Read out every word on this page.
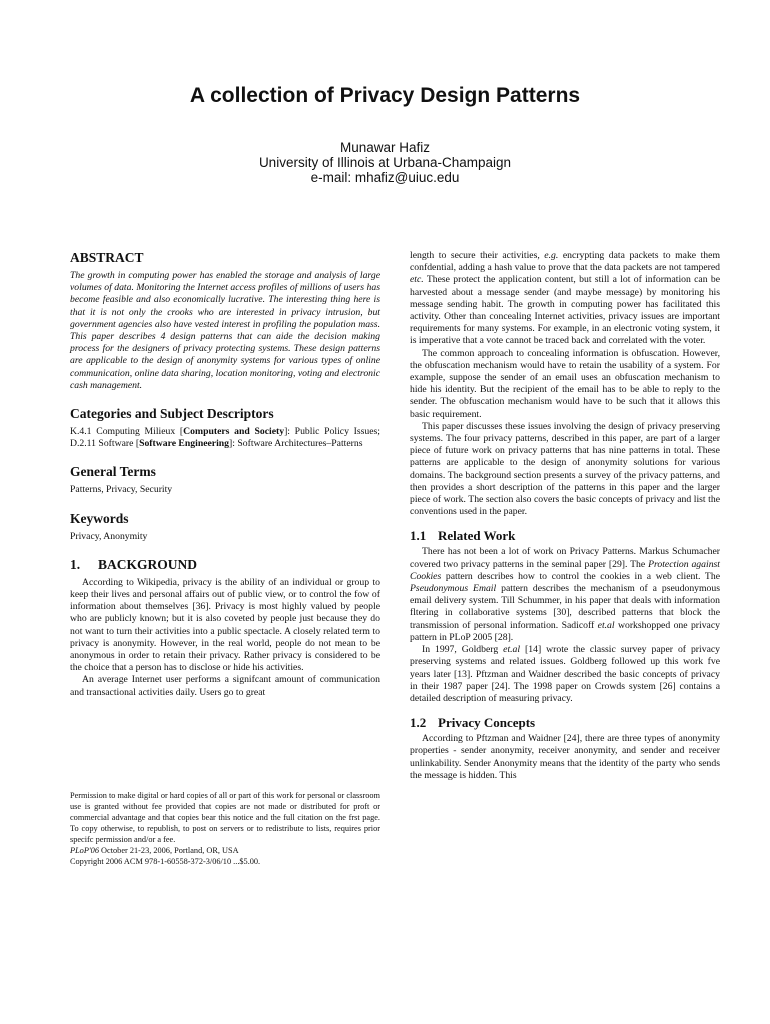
A collection of Privacy Design Patterns
Munawar Hafiz
University of Illinois at Urbana-Champaign
e-mail: mhafiz@uiuc.edu
ABSTRACT

The growth in computing power has enabled the storage and analysis of large volumes of data. Monitoring the Internet access profiles of millions of users has become feasible and also economically lucrative. The interesting thing here is that it is not only the crooks who are interested in privacy intrusion, but government agencies also have vested interest in profiling the population mass. This paper describes 4 design patterns that can aide the decision making process for the designers of privacy protecting systems. These design patterns are applicable to the design of anonymity systems for various types of online communication, online data sharing, location monitoring, voting and electronic cash management.

Categories and Subject Descriptors

K.4.1 Computing Milieux [Computers and Society]: Public Policy Issues; D.2.11 Software [Software Engineering]: Software Architectures–Patterns

General Terms

Patterns, Privacy, Security

Keywords

Privacy, Anonymity

1. BACKGROUND

According to Wikipedia, privacy is the ability of an individual or group to keep their lives and personal affairs out of public view, or to control the fow of information about themselves [36]. Privacy is most highly valued by people who are publicly known; but it is also coveted by people just because they do not want to turn their activities into a public spectacle. A closely related term to privacy is anonymity. However, in the real world, people do not mean to be anonymous in order to retain their privacy. Rather privacy is considered to be the choice that a person has to disclose or hide his activities.

An average Internet user performs a signifcant amount of communication and transactional activities daily. Users go to great

Permission to make digital or hard copies of all or part of this work for personal or classroom use is granted without fee provided that copies are not made or distributed for proft or commercial advantage and that copies bear this notice and the full citation on the frst page. To copy otherwise, to republish, to post on servers or to redistribute to lists, requires prior specifc permission and/or a fee.

PLoP'06 October 21-23, 2006, Portland, OR, USA

Copyright 2006 ACM 978-1-60558-372-3/06/10 ...$5.00.

length to secure their activities, e.g. encrypting data packets to make them confdential, adding a hash value to prove that the data packets are not tampered etc. These protect the application content, but still a lot of information can be harvested about a message sender (and maybe message) by monitoring his message sending habit. The growth in computing power has facilitated this activity. Other than concealing Internet activities, privacy issues are important requirements for many systems. For example, in an electronic voting system, it is imperative that a vote cannot be traced back and correlated with the voter.

The common approach to concealing information is obfuscation. However, the obfuscation mechanism would have to retain the usability of a system. For example, suppose the sender of an email uses an obfuscation mechanism to hide his identity. But the recipient of the email has to be able to reply to the sender. The obfuscation mechanism would have to be such that it allows this basic requirement.

This paper discusses these issues involving the design of privacy preserving systems. The four privacy patterns, described in this paper, are part of a larger piece of future work on privacy patterns that has nine patterns in total. These patterns are applicable to the design of anonymity solutions for various domains. The background section presents a survey of the privacy patterns, and then provides a short description of the patterns in this paper and the larger piece of work. The section also covers the basic concepts of privacy and list the conventions used in the paper.

1.1 Related Work

There has not been a lot of work on Privacy Patterns. Markus Schumacher covered two privacy patterns in the seminal paper [29]. The Protection against Cookies pattern describes how to control the cookies in a web client. The Pseudonymous Email pattern describes the mechanism of a pseudonymous email delivery system. Till Schummer, in his paper that deals with information fltering in collaborative systems [30], described patterns that block the transmission of personal information. Sadicoff et.al workshopped one privacy pattern in PLoP 2005 [28].

In 1997, Goldberg et.al [14] wrote the classic survey paper of privacy preserving systems and related issues. Goldberg followed up this work fve years later [13]. Pftzman and Waidner described the basic concepts of privacy in their 1987 paper [24]. The 1998 paper on Crowds system [26] contains a detailed description of measuring privacy.

1.2 Privacy Concepts

According to Pftzman and Waidner [24], there are three types of anonymity properties - sender anonymity, receiver anonymity, and sender and receiver unlinkability. Sender Anonymity means that the identity of the party who sends the message is hidden. This
